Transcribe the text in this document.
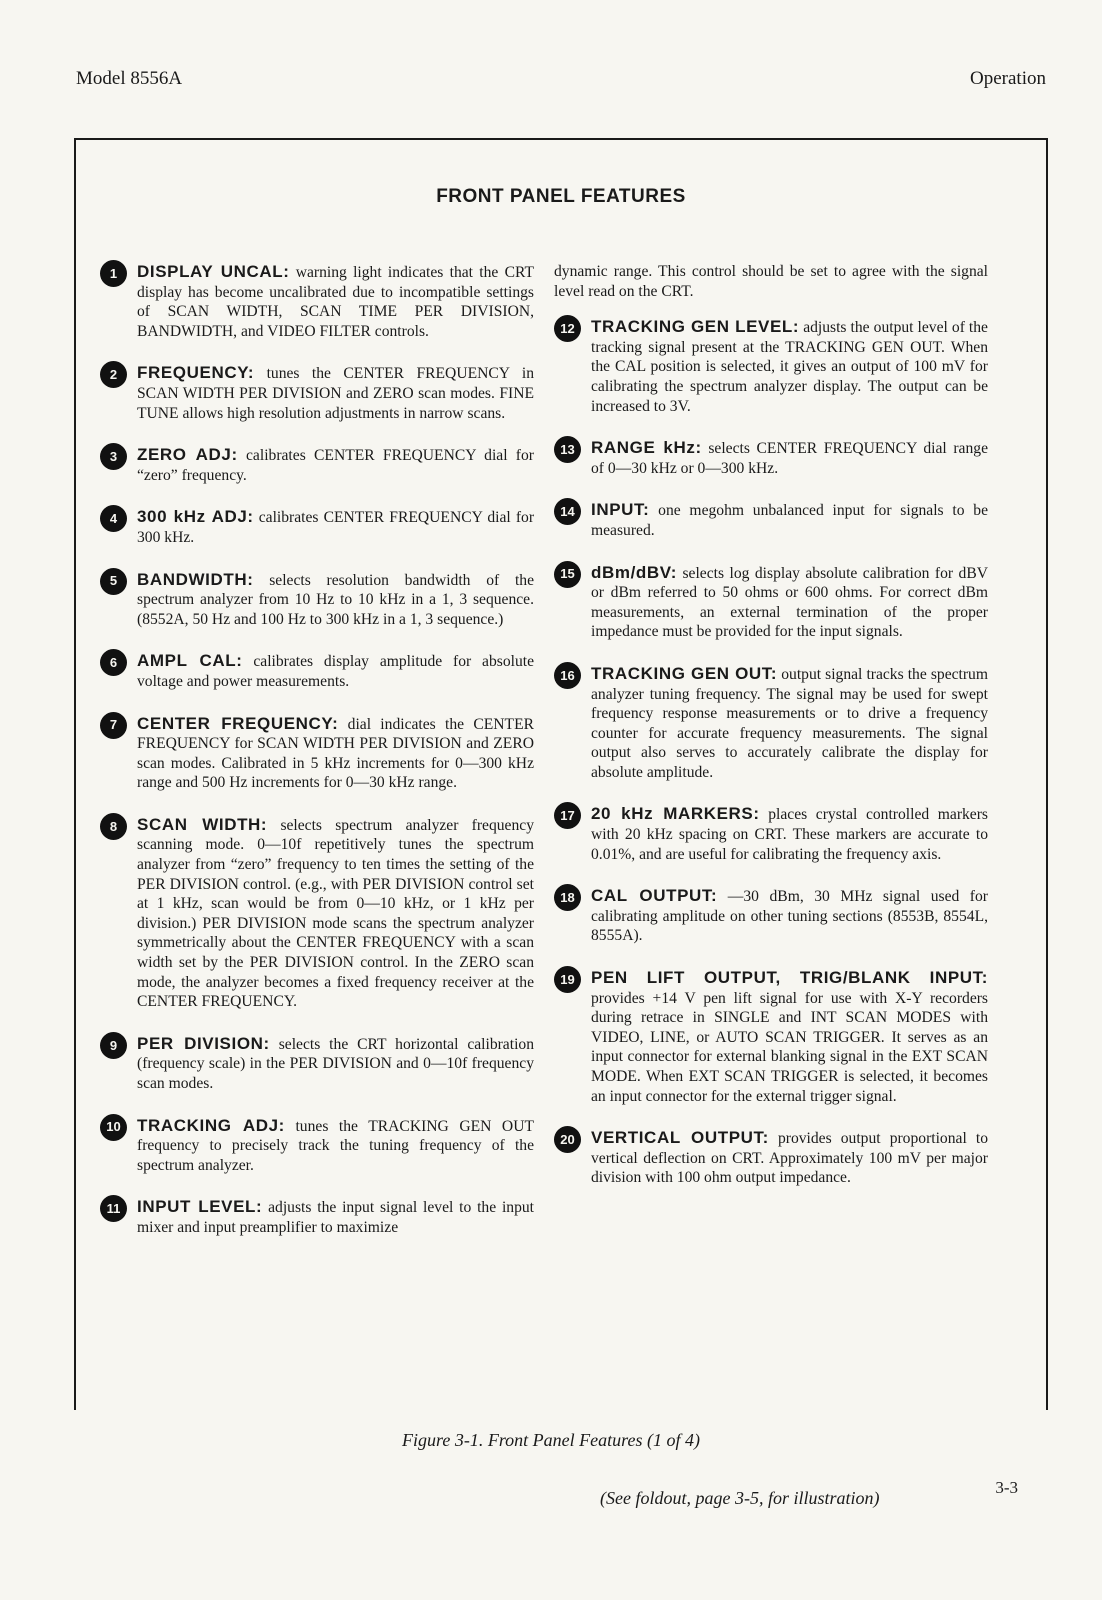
Model 8556A	Operation
FRONT PANEL FEATURES
1	DISPLAY UNCAL: warning light indicates that the CRT display has become uncalibrated due to incompatible settings of SCAN WIDTH, SCAN TIME PER DIVISION, BANDWIDTH, and VIDEO FILTER controls.
2	FREQUENCY: tunes the CENTER FREQUENCY in SCAN WIDTH PER DIVISION and ZERO scan modes. FINE TUNE allows high resolution adjustments in narrow scans.
3	ZERO ADJ: calibrates CENTER FREQUENCY dial for “zero” frequency.
4	300 kHz ADJ: calibrates CENTER FREQUENCY dial for 300 kHz.
5	BANDWIDTH: selects resolution bandwidth of the spectrum analyzer from 10 Hz to 10 kHz in a 1, 3 sequence. (8552A, 50 Hz and 100 Hz to 300 kHz in a 1, 3 sequence.)
6	AMPL CAL: calibrates display amplitude for absolute voltage and power measurements.
7	CENTER FREQUENCY: dial indicates the CENTER FREQUENCY for SCAN WIDTH PER DIVISION and ZERO scan modes. Calibrated in 5 kHz increments for 0—300 kHz range and 500 Hz increments for 0—30 kHz range.
8	SCAN WIDTH: selects spectrum analyzer frequency scanning mode. 0—10f repetitively tunes the spectrum analyzer from “zero” frequency to ten times the setting of the PER DIVISION control. (e.g., with PER DIVISION control set at 1 kHz, scan would be from 0—10 kHz, or 1 kHz per division.) PER DIVISION mode scans the spectrum analyzer symmetrically about the CENTER FREQUENCY with a scan width set by the PER DIVISION control. In the ZERO scan mode, the analyzer becomes a fixed frequency receiver at the CENTER FREQUENCY.
9	PER DIVISION: selects the CRT horizontal calibration (frequency scale) in the PER DIVISION and 0—10f frequency scan modes.
10 TRACKING ADJ: tunes the TRACKING GEN OUT frequency to precisely track the tuning frequency of the spectrum analyzer.
11 INPUT LEVEL: adjusts the input signal level to the input mixer and input preamplifier to maximize
dynamic range. This control should be set to agree with the signal level read on the CRT.
12 TRACKING GEN LEVEL: adjusts the output level of the tracking signal present at the TRACKING GEN OUT. When the CAL position is selected, it gives an output of 100 mV for calibrating the spectrum analyzer display. The output can be increased to 3V.
13 RANGE kHz: selects CENTER FREQUENCY dial range of 0—30 kHz or 0—300 kHz.
14 INPUT: one megohm unbalanced input for signals to be measured.
15 dBm/dBV: selects log display absolute calibration for dBV or dBm referred to 50 ohms or 600 ohms. For correct dBm measurements, an external termination of the proper impedance must be provided for the input signals.
16 TRACKING GEN OUT: output signal tracks the spectrum analyzer tuning frequency. The signal may be used for swept frequency response measurements or to drive a frequency counter for accurate frequency measurements. The signal output also serves to accurately calibrate the display for absolute amplitude.
17 20 kHz MARKERS: places crystal controlled markers with 20 kHz spacing on CRT. These markers are accurate to 0.01%, and are useful for calibrating the frequency axis.
18 CAL OUTPUT: —30 dBm, 30 MHz signal used for calibrating amplitude on other tuning sections (8553B, 8554L, 8555A).
19 PEN LIFT OUTPUT, TRIG/BLANK INPUT: provides +14 V pen lift signal for use with X-Y recorders during retrace in SINGLE and INT SCAN MODES with VIDEO, LINE, or AUTO SCAN TRIGGER. It serves as an input connector for external blanking signal in the EXT SCAN MODE. When EXT SCAN TRIGGER is selected, it becomes an input connector for the external trigger signal.
20 VERTICAL OUTPUT: provides output proportional to vertical deflection on CRT. Approximately 100 mV per major division with 100 ohm output impedance.
Figure 3-1. Front Panel Features (1 of 4)
3-3
(See foldout, page 3-5, for illustration)
